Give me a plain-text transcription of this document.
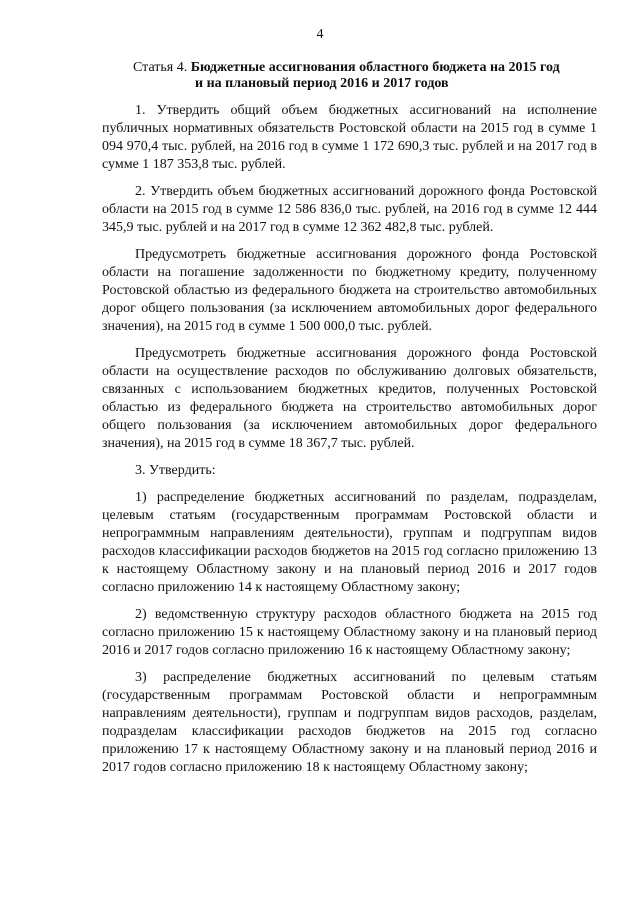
4
Статья 4. Бюджетные ассигнования областного бюджета на 2015 год
и на плановый период 2016 и 2017 годов

1. Утвердить общий объем бюджетных ассигнований на исполнение публичных нормативных обязательств Ростовской области на 2015 год в сумме 1 094 970,4 тыс. рублей, на 2016 год в сумме 1 172 690,3 тыс. рублей и на 2017 год в сумме 1 187 353,8 тыс. рублей.

2. Утвердить объем бюджетных ассигнований дорожного фонда Ростовской области на 2015 год в сумме 12 586 836,0 тыс. рублей, на 2016 год в сумме 12 444 345,9 тыс. рублей и на 2017 год в сумме 12 362 482,8 тыс. рублей.

Предусмотреть бюджетные ассигнования дорожного фонда Ростовской области на погашение задолженности по бюджетному кредиту, полученному Ростовской областью из федерального бюджета на строительство автомобильных дорог общего пользования (за исключением автомобильных дорог федерального значения), на 2015 год в сумме 1 500 000,0 тыс. рублей.

Предусмотреть бюджетные ассигнования дорожного фонда Ростовской области на осуществление расходов по обслуживанию долговых обязательств, связанных с использованием бюджетных кредитов, полученных Ростовской областью из федерального бюджета на строительство автомобильных дорог общего пользования (за исключением автомобильных дорог федерального значения), на 2015 год в сумме 18 367,7 тыс. рублей.

3. Утвердить:

1) распределение бюджетных ассигнований по разделам, подразделам, целевым статьям (государственным программам Ростовской области и непрограммным направлениям деятельности), группам и подгруппам видов расходов классификации расходов бюджетов на 2015 год согласно приложению 13 к настоящему Областному закону и на плановый период 2016 и 2017 годов согласно приложению 14 к настоящему Областному закону;

2) ведомственную структуру расходов областного бюджета на 2015 год согласно приложению 15 к настоящему Областному закону и на плановый период 2016 и 2017 годов согласно приложению 16 к настоящему Областному закону;

3) распределение бюджетных ассигнований по целевым статьям (государственным программам Ростовской области и непрограммным направлениям деятельности), группам и подгруппам видов расходов, разделам, подразделам классификации расходов бюджетов на 2015 год согласно приложению 17 к настоящему Областному закону и на плановый период 2016 и 2017 годов согласно приложению 18 к настоящему Областному закону;
